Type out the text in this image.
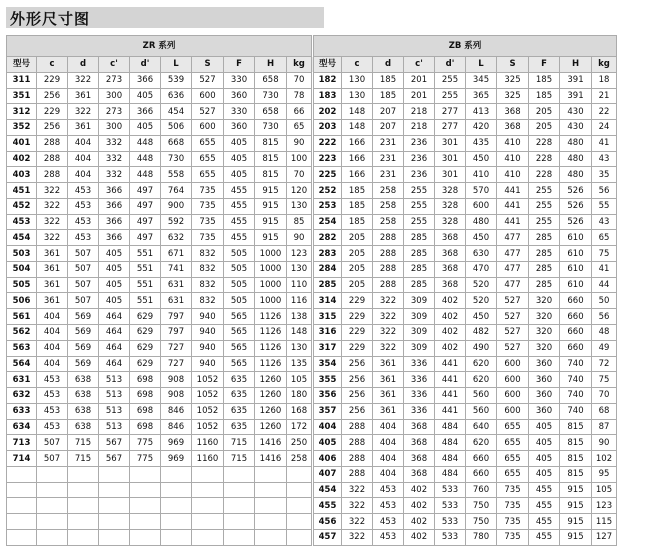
外形尺寸图
ZR 系列											ZB 系列									
型号	c	d	c'	d'	L	S	F	H	kg		型号	c	d	c'	d'	L	S	F	H	kg
311	229	322	273	366	539	527	330	658	70		182	130	185	201	255	345	325	185	391	18
351	256	361	300	405	636	600	360	730	78		183	130	185	201	255	365	325	185	391	21
312	229	322	273	366	454	527	330	658	66		202	148	207	218	277	413	368	205	430	22
352	256	361	300	405	506	600	360	730	65		203	148	207	218	277	420	368	205	430	24
401	288	404	332	448	668	655	405	815	90		222	166	231	236	301	435	410	228	480	41
402	288	404	332	448	730	655	405	815	100		223	166	231	236	301	450	410	228	480	43
403	288	404	332	448	558	655	405	815	70		225	166	231	236	301	410	410	228	480	35
451	322	453	366	497	764	735	455	915	120		252	185	258	255	328	570	441	255	526	56
452	322	453	366	497	900	735	455	915	130		253	185	258	255	328	600	441	255	526	55
453	322	453	366	497	592	735	455	915	85		254	185	258	255	328	480	441	255	526	43
454	322	453	366	497	632	735	455	915	90		282	205	288	285	368	450	477	285	610	65
503	361	507	405	551	671	832	505	1000	123		283	205	288	285	368	630	477	285	610	75
504	361	507	405	551	741	832	505	1000	130		284	205	288	285	368	470	477	285	610	41
505	361	507	405	551	631	832	505	1000	110		285	205	288	285	368	520	477	285	610	44
506	361	507	405	551	631	832	505	1000	116		314	229	322	309	402	520	527	320	660	50
561	404	569	464	629	797	940	565	1126	138		315	229	322	309	402	450	527	320	660	56
562	404	569	464	629	797	940	565	1126	148		316	229	322	309	402	482	527	320	660	48
563	404	569	464	629	727	940	565	1126	130		317	229	322	309	402	490	527	320	660	49
564	404	569	464	629	727	940	565	1126	135		354	256	361	336	441	620	600	360	740	72
631	453	638	513	698	908	1052	635	1260	105		355	256	361	336	441	620	600	360	740	75
632	453	638	513	698	908	1052	635	1260	180		356	256	361	336	441	560	600	360	740	70
633	453	638	513	698	846	1052	635	1260	168		357	256	361	336	441	560	600	360	740	68
634	453	638	513	698	846	1052	635	1260	172		404	288	404	368	484	640	655	405	815	87
713	507	715	567	775	969	1160	715	1416	250		405	288	404	368	484	620	655	405	815	90
714	507	715	567	775	969	1160	715	1416	258		406	288	404	368	484	660	655	405	815	102
											407	288	404	368	484	660	655	405	815	95
											454	322	453	402	533	760	735	455	915	105
											455	322	453	402	533	750	735	455	915	123
											456	322	453	402	533	750	735	455	915	115
											457	322	453	402	533	780	735	455	915	127
